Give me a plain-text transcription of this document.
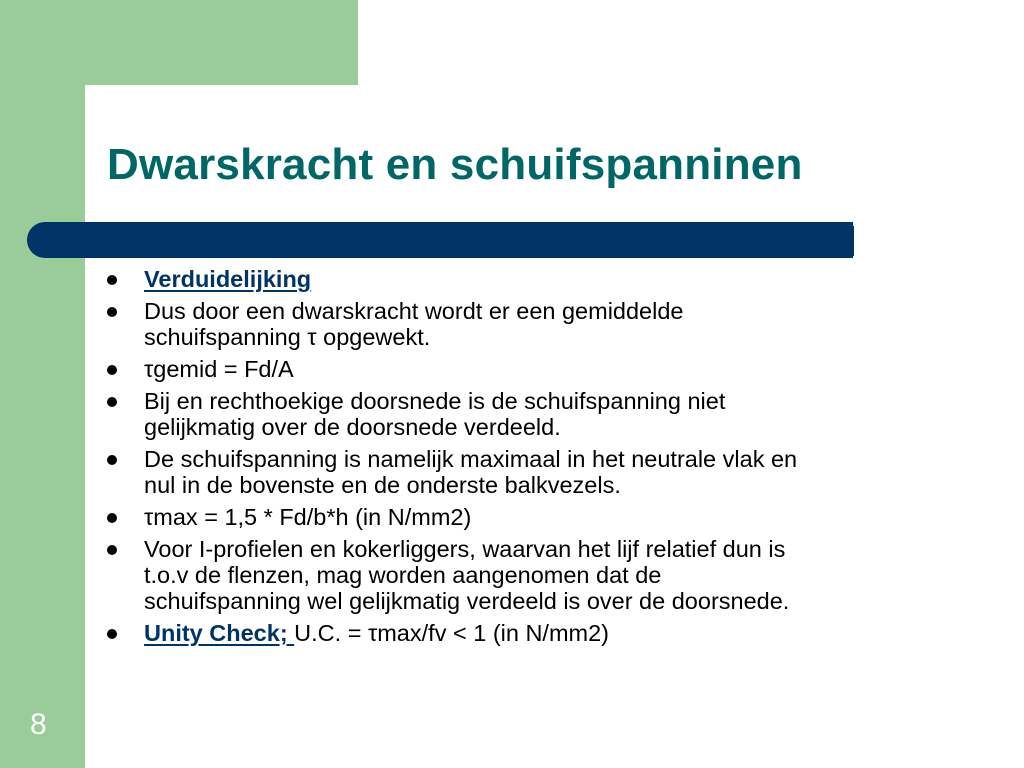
Dwarskracht en schuifspanninen
Verduidelijking
Dus door een dwarskracht wordt er een gemiddelde
schuifspanning τ opgewekt.
τgemid = Fd/A
Bij en rechthoekige doorsnede is de schuifspanning niet
gelijkmatig over de doorsnede verdeeld.
De schuifspanning is namelijk maximaal in het neutrale vlak en
nul in de bovenste en de onderste balkvezels.
τmax = 1,5 * Fd/b*h (in N/mm2)
Voor I-profielen en kokerliggers, waarvan het lijf relatief dun is
t.o.v de flenzen, mag worden aangenomen dat de
schuifspanning wel gelijkmatig verdeeld is over de doorsnede.
Unity Check; U.C. = τmax/fv < 1 (in N/mm2)
8
